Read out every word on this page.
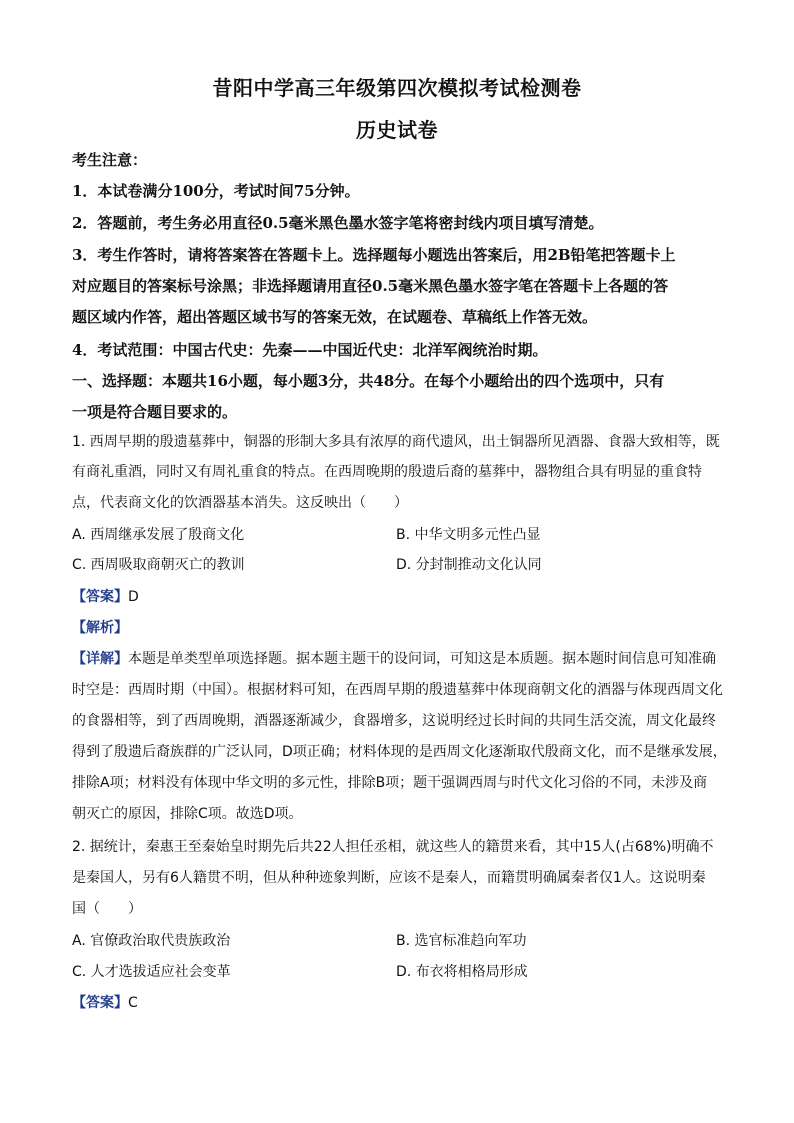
昔阳中学高三年级第四次模拟考试检测卷
历史试卷
考生注意：
1．本试卷满分100分，考试时间75分钟。
2．答题前，考生务必用直径0.5毫米黑色墨水签字笔将密封线内项目填写清楚。
3．考生作答时，请将答案答在答题卡上。选择题每小题选出答案后，用2B铅笔把答题卡上
对应题目的答案标号涂黑；非选择题请用直径0.5毫米黑色墨水签字笔在答题卡上各题的答
题区域内作答，超出答题区域书写的答案无效，在试题卷、草稿纸上作答无效。
4．考试范围：中国古代史：先秦——中国近代史：北洋军阀统治时期。
一、选择题：本题共16小题，每小题3分，共48分。在每个小题给出的四个选项中，只有
一项是符合题目要求的。
1. 西周早期的殷遗墓葬中，铜器的形制大多具有浓厚的商代遗风，出土铜器所见酒器、食器大致相等，既
有商礼重酒，同时又有周礼重食的特点。在西周晚期的殷遗后裔的墓葬中，器物组合具有明显的重食特
点，代表商文化的饮酒器基本消失。这反映出（　　）
A. 西周继承发展了殷商文化	B. 中华文明多元性凸显
C. 西周吸取商朝灭亡的教训	D. 分封制推动文化认同
【答案】D
【解析】
【详解】本题是单类型单项选择题。据本题主题干的设问词，可知这是本质题。据本题时间信息可知准确
时空是：西周时期（中国）。根据材料可知，在西周早期的殷遗墓葬中体现商朝文化的酒器与体现西周文化
的食器相等，到了西周晚期，酒器逐渐减少，食器增多，这说明经过长时间的共同生活交流，周文化最终
得到了殷遗后裔族群的广泛认同，D项正确；材料体现的是西周文化逐渐取代殷商文化，而不是继承发展，
排除A项；材料没有体现中华文明的多元性，排除B项；题干强调西周与时代文化习俗的不同，未涉及商
朝灭亡的原因，排除C项。故选D项。
2. 据统计，秦惠王至秦始皇时期先后共22人担任丞相，就这些人的籍贯来看，其中15人(占68%)明确不
是秦国人，另有6人籍贯不明，但从种种迹象判断，应该不是秦人，而籍贯明确属秦者仅1人。这说明秦
国（　　）
A. 官僚政治取代贵族政治	B. 选官标准趋向军功
C. 人才选拔适应社会变革	D. 布衣将相格局形成
【答案】C
